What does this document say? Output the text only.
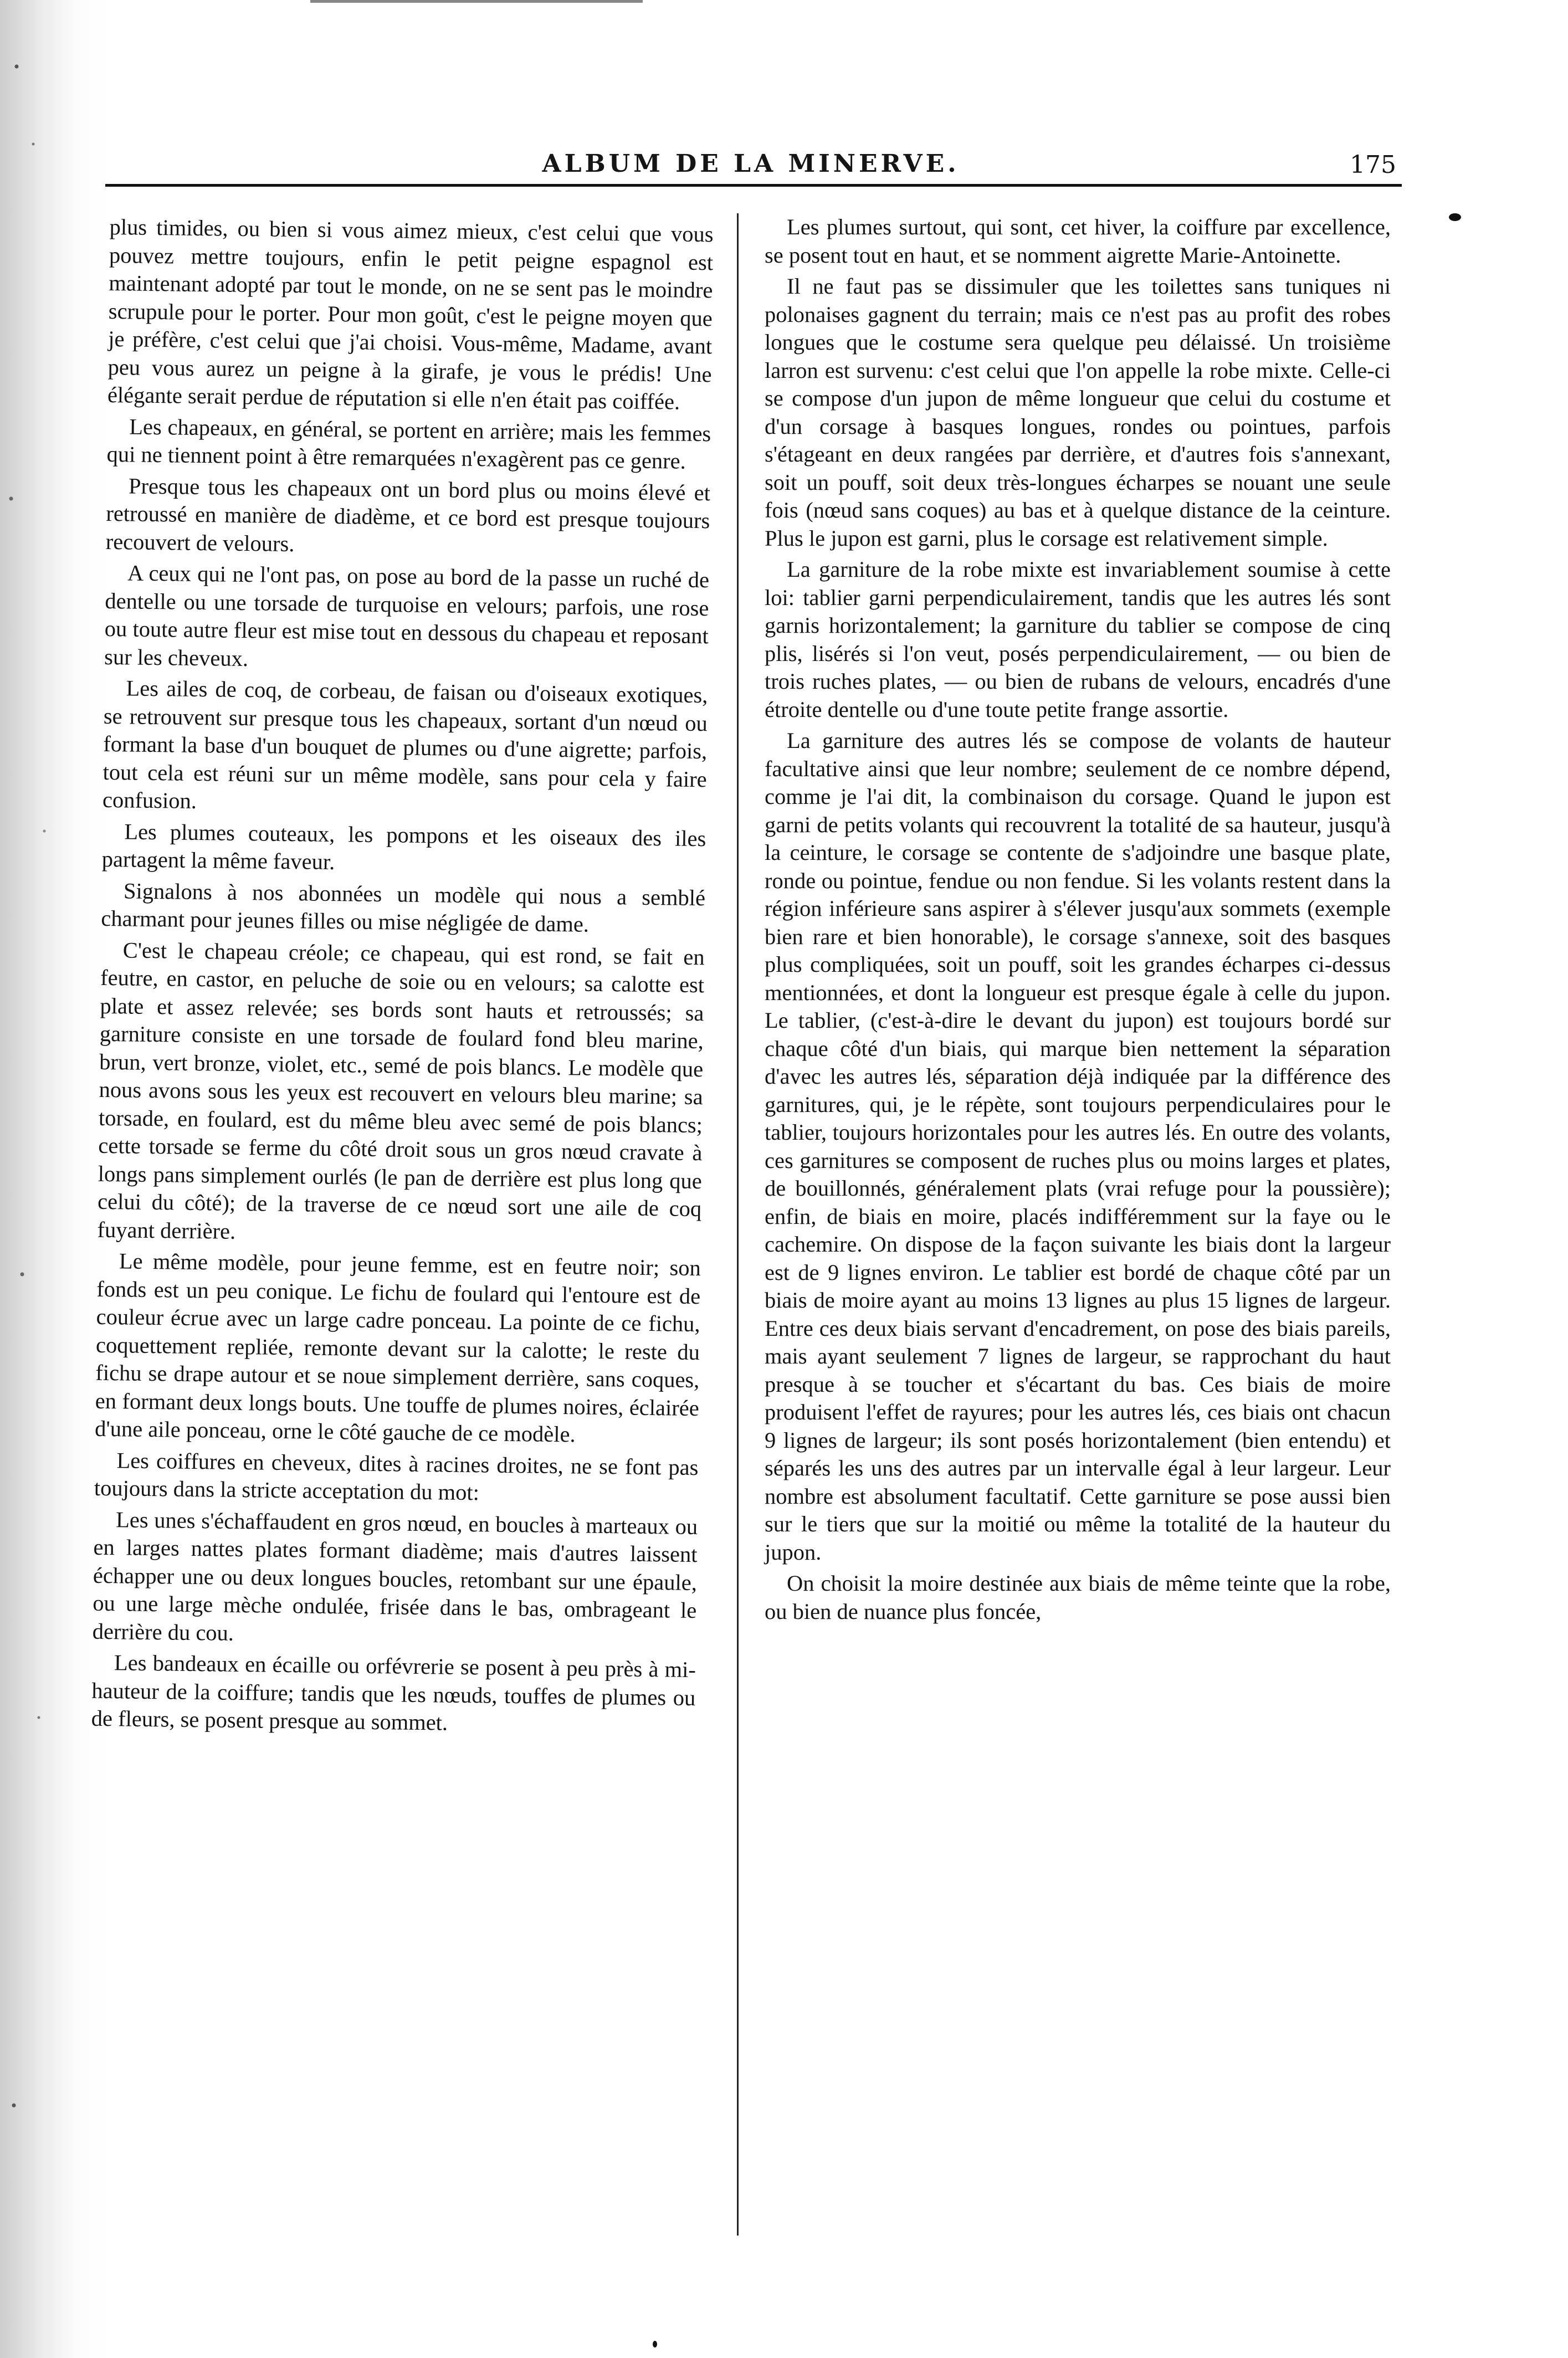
ALBUM DE LA MINERVE.	175

plus timides, ou bien si vous aimez mieux, c'est celui que vous pouvez mettre toujours, enfin le petit peigne espagnol est maintenant adopté par tout le monde, on ne se sent pas le moindre scrupule pour le porter. Pour mon goût, c'est le peigne moyen que je préfère, c'est celui que j'ai choisi. Vous-même, Madame, avant peu vous aurez un peigne à la girafe, je vous le prédis! Une élégante serait perdue de réputation si elle n'en était pas coiffée.

Les chapeaux, en général, se portent en arrière; mais les femmes qui ne tiennent point à être remarquées n'exagèrent pas ce genre.

Presque tous les chapeaux ont un bord plus ou moins élevé et retroussé en manière de diadème, et ce bord est presque toujours recouvert de velours.

A ceux qui ne l'ont pas, on pose au bord de la passe un ruché de dentelle ou une torsade de turquoise en velours; parfois, une rose ou toute autre fleur est mise tout en dessous du chapeau et reposant sur les cheveux.

Les ailes de coq, de corbeau, de faisan ou d'oiseaux exotiques, se retrouvent sur presque tous les chapeaux, sortant d'un nœud ou formant la base d'un bouquet de plumes ou d'une aigrette; parfois, tout cela est réuni sur un même modèle, sans pour cela y faire confusion.

Les plumes couteaux, les pompons et les oiseaux des iles partagent la même faveur.

Signalons à nos abonnées un modèle qui nous a semblé charmant pour jeunes filles ou mise négligée de dame.

C'est le chapeau créole; ce chapeau, qui est rond, se fait en feutre, en castor, en peluche de soie ou en velours; sa calotte est plate et assez relevée; ses bords sont hauts et retroussés; sa garniture consiste en une torsade de foulard fond bleu marine, brun, vert bronze, violet, etc., semé de pois blancs. Le modèle que nous avons sous les yeux est recouvert en velours bleu marine; sa torsade, en foulard, est du même bleu avec semé de pois blancs; cette torsade se ferme du côté droit sous un gros nœud cravate à longs pans simplement ourlés (le pan de derrière est plus long que celui du côté); de la traverse de ce nœud sort une aile de coq fuyant derrière.

Le même modèle, pour jeune femme, est en feutre noir; son fonds est un peu conique. Le fichu de foulard qui l'entoure est de couleur écrue avec un large cadre ponceau. La pointe de ce fichu, coquettement repliée, remonte devant sur la calotte; le reste du fichu se drape autour et se noue simplement derrière, sans coques, en formant deux longs bouts. Une touffe de plumes noires, éclairée d'une aile ponceau, orne le côté gauche de ce modèle.

Les coiffures en cheveux, dites à racines droites, ne se font pas toujours dans la stricte acceptation du mot:

Les unes s'échaffaudent en gros nœud, en boucles à marteaux ou en larges nattes plates formant diadème; mais d'autres laissent échapper une ou deux longues boucles, retombant sur une épaule, ou une large mèche ondulée, frisée dans le bas, ombrageant le derrière du cou.

Les bandeaux en écaille ou orfévrerie se posent à peu près à mi-hauteur de la coiffure; tandis que les nœuds, touffes de plumes ou de fleurs, se posent presque au sommet.

Les plumes surtout, qui sont, cet hiver, la coiffure par excellence, se posent tout en haut, et se nomment aigrette Marie-Antoinette.

Il ne faut pas se dissimuler que les toilettes sans tuniques ni polonaises gagnent du terrain; mais ce n'est pas au profit des robes longues que le costume sera quelque peu délaissé. Un troisième larron est survenu: c'est celui que l'on appelle la robe mixte. Celle-ci se compose d'un jupon de même longueur que celui du costume et d'un corsage à basques longues, rondes ou pointues, parfois s'étageant en deux rangées par derrière, et d'autres fois s'annexant, soit un pouff, soit deux très-longues écharpes se nouant une seule fois (nœud sans coques) au bas et à quelque distance de la ceinture. Plus le jupon est garni, plus le corsage est relativement simple.

La garniture de la robe mixte est invariablement soumise à cette loi: tablier garni perpendiculairement, tandis que les autres lés sont garnis horizontalement; la garniture du tablier se compose de cinq plis, lisérés si l'on veut, posés perpendiculairement, — ou bien de trois ruches plates, — ou bien de rubans de velours, encadrés d'une étroite dentelle ou d'une toute petite frange assortie.

La garniture des autres lés se compose de volants de hauteur facultative ainsi que leur nombre; seulement de ce nombre dépend, comme je l'ai dit, la combinaison du corsage. Quand le jupon est garni de petits volants qui recouvrent la totalité de sa hauteur, jusqu'à la ceinture, le corsage se contente de s'adjoindre une basque plate, ronde ou pointue, fendue ou non fendue. Si les volants restent dans la région inférieure sans aspirer à s'élever jusqu'aux sommets (exemple bien rare et bien honorable), le corsage s'annexe, soit des basques plus compliquées, soit un pouff, soit les grandes écharpes ci-dessus mentionnées, et dont la longueur est presque égale à celle du jupon. Le tablier, (c'est-à-dire le devant du jupon) est toujours bordé sur chaque côté d'un biais, qui marque bien nettement la séparation d'avec les autres lés, séparation déjà indiquée par la différence des garnitures, qui, je le répète, sont toujours perpendiculaires pour le tablier, toujours horizontales pour les autres lés. En outre des volants, ces garnitures se composent de ruches plus ou moins larges et plates, de bouillonnés, généralement plats (vrai refuge pour la poussière); enfin, de biais en moire, placés indifféremment sur la faye ou le cachemire. On dispose de la façon suivante les biais dont la largeur est de 9 lignes environ. Le tablier est bordé de chaque côté par un biais de moire ayant au moins 13 lignes au plus 15 lignes de largeur. Entre ces deux biais servant d'encadrement, on pose des biais pareils, mais ayant seulement 7 lignes de largeur, se rapprochant du haut presque à se toucher et s'écartant du bas. Ces biais de moire produisent l'effet de rayures; pour les autres lés, ces biais ont chacun 9 lignes de largeur; ils sont posés horizontalement (bien entendu) et séparés les uns des autres par un intervalle égal à leur largeur. Leur nombre est absolument facultatif. Cette garniture se pose aussi bien sur le tiers que sur la moitié ou même la totalité de la hauteur du jupon.

On choisit la moire destinée aux biais de même teinte que la robe, ou bien de nuance plus foncée,
